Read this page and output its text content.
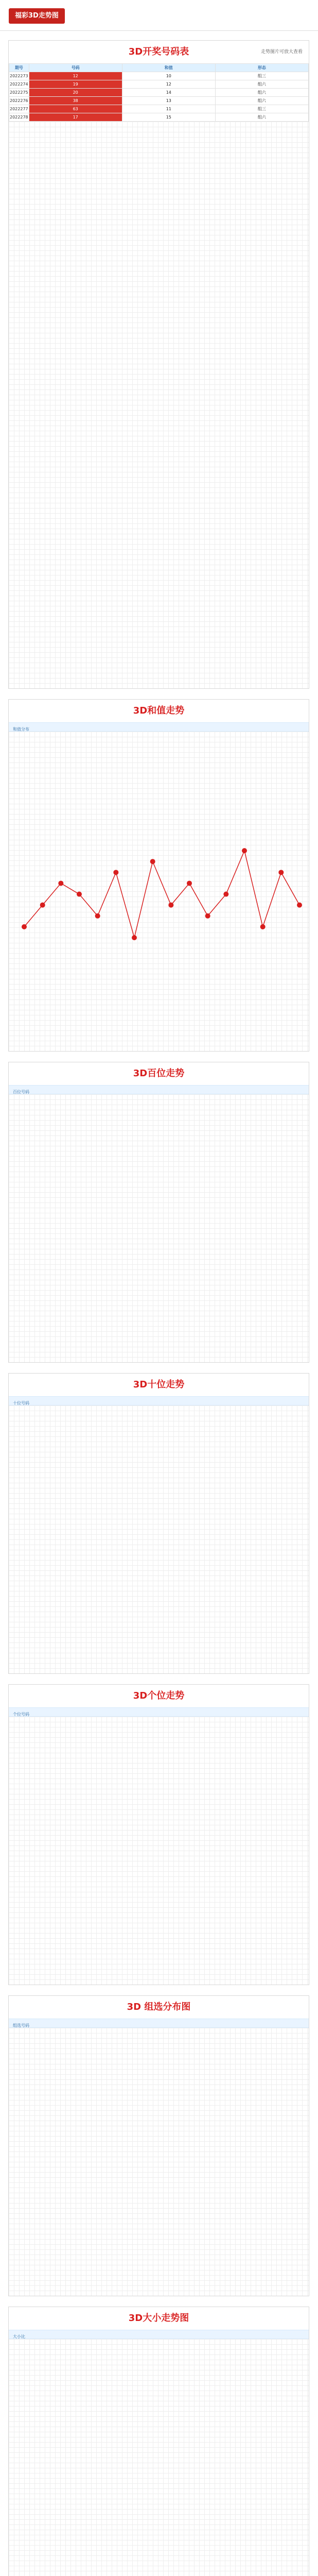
福彩3D走势图
3D开奖号码表	走势图片可放大查看
期号	号码	和值	形态
2022273	12	10	组三
2022274	19	12	组六
2022275	20	14	组六
2022276	38	13	组六
2022277	63	11	组三
2022278	17	15	组六
3D和值走势
和值分布
3D百位走势
百位号码
3D十位走势
十位号码
3D个位走势
个位号码
3D 组选分布图
组选号码
3D大小走势图
大小比
